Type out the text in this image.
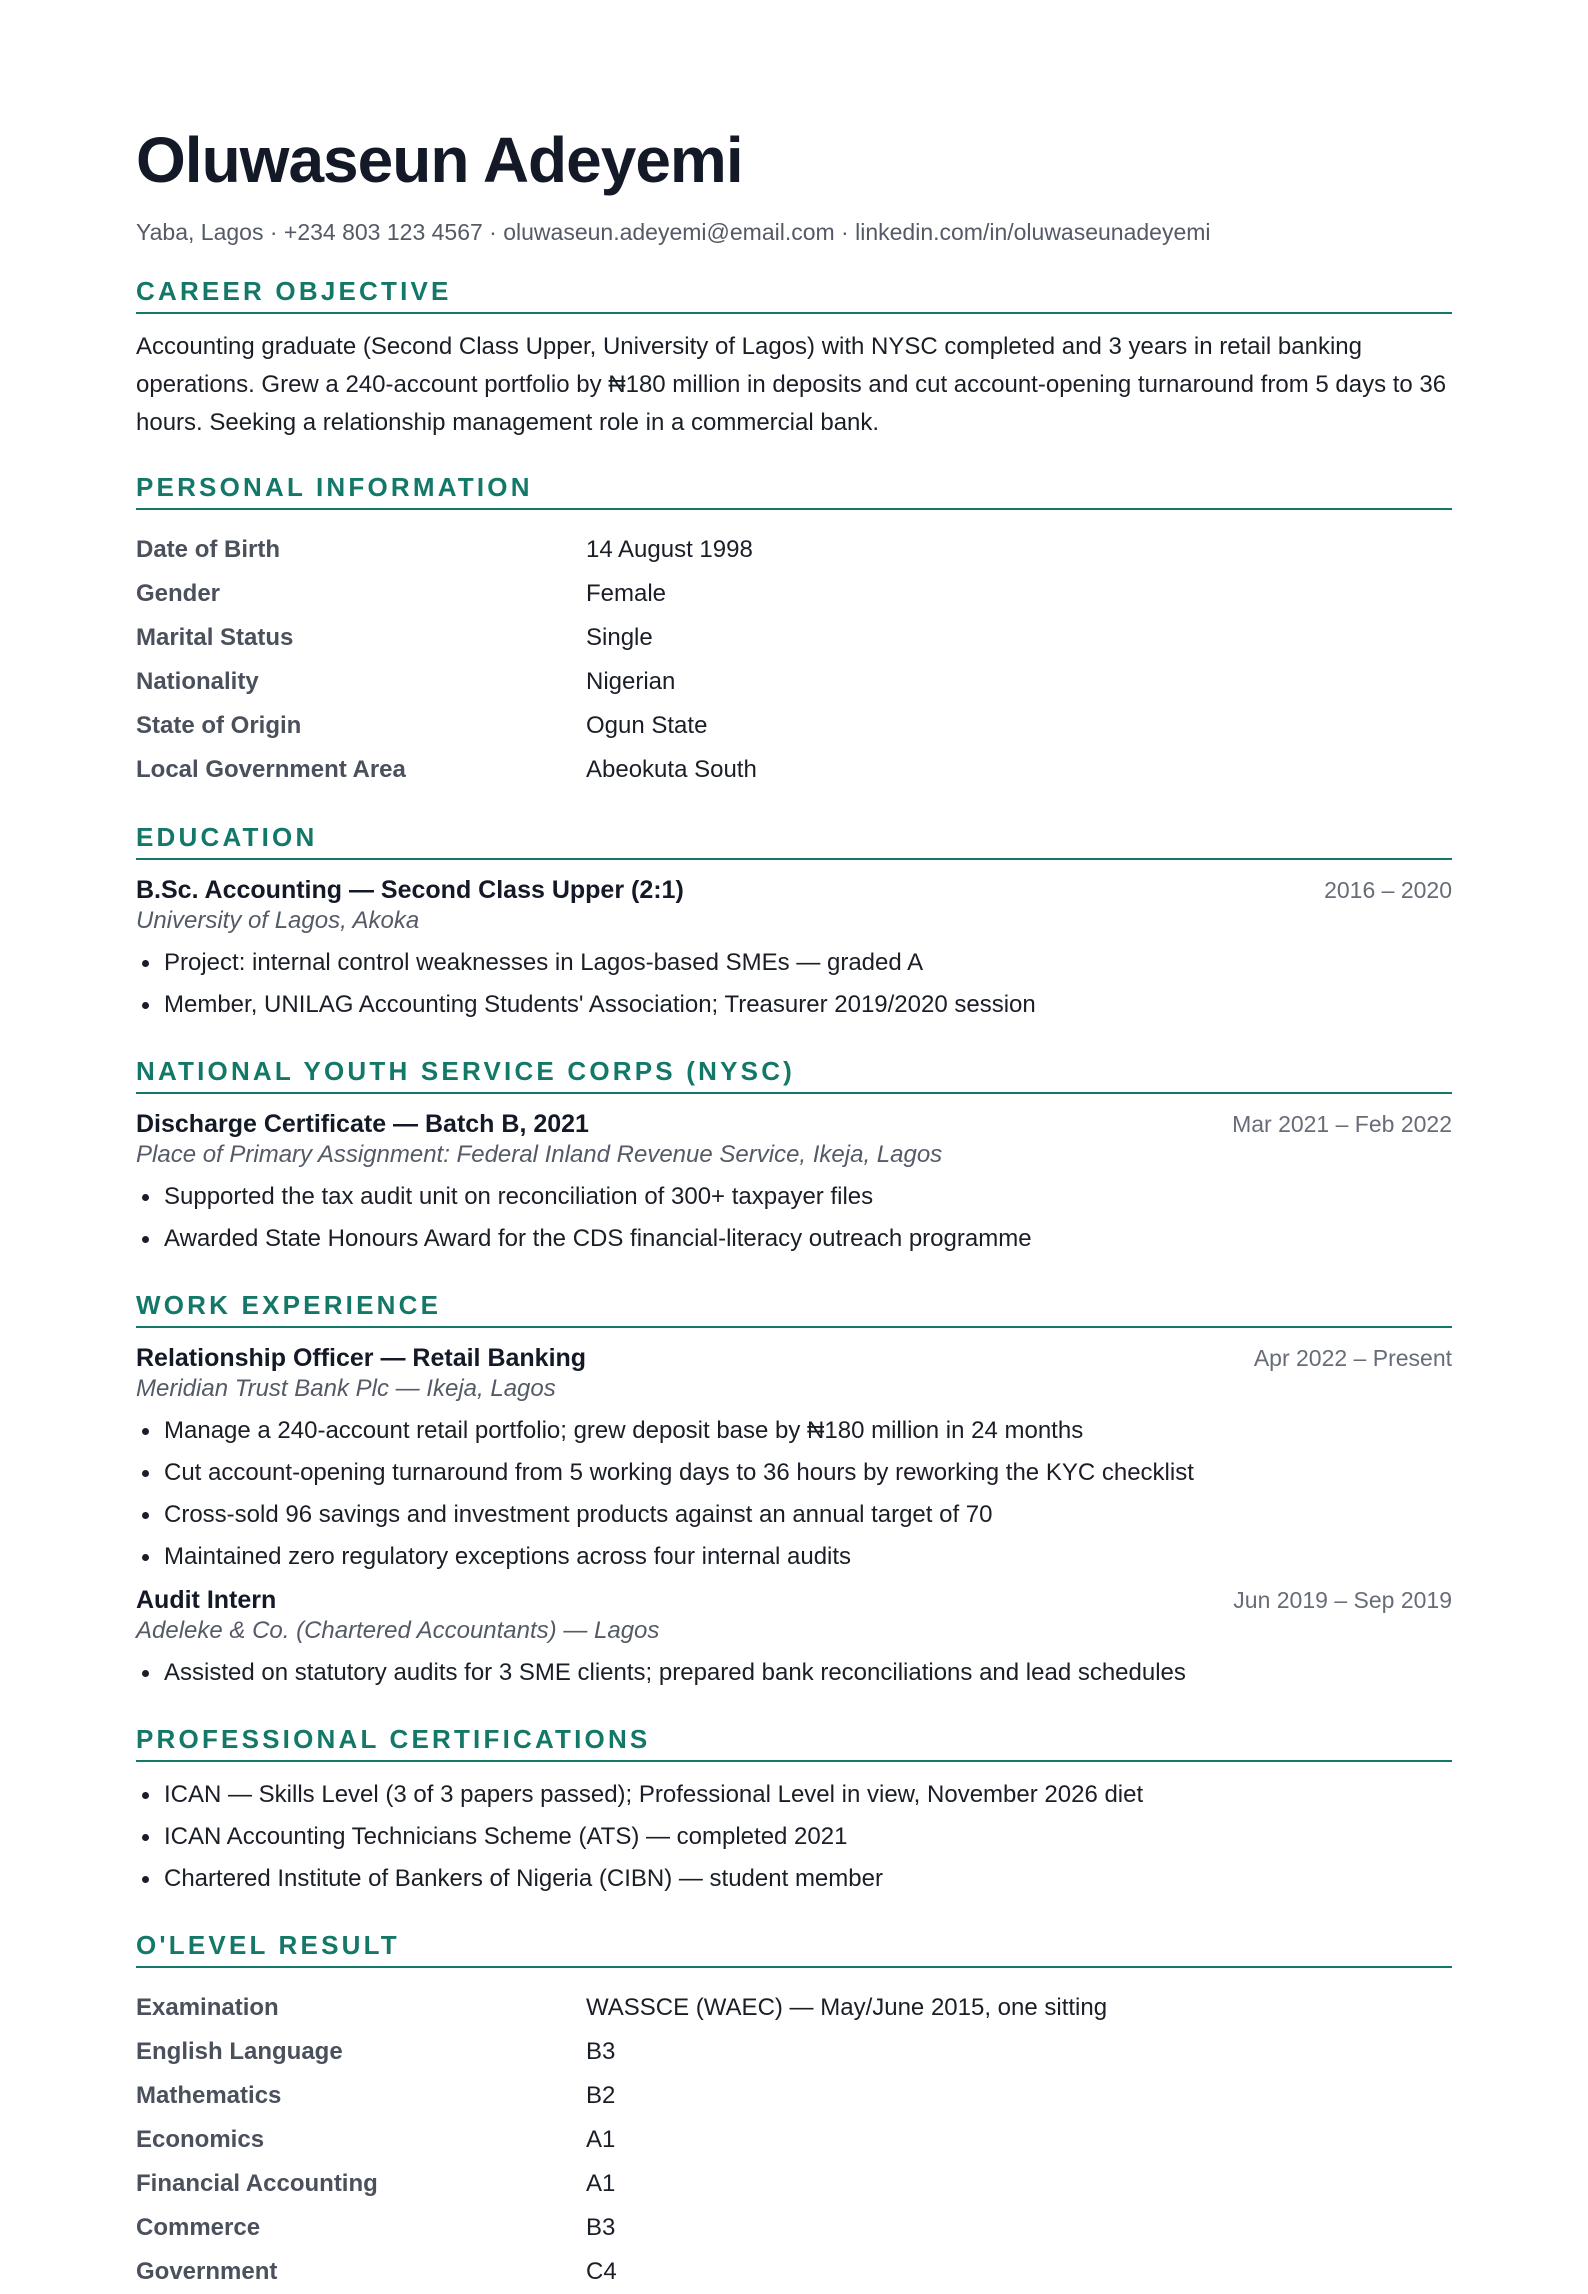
Oluwaseun Adeyemi
Yaba, Lagos · +234 803 123 4567 · oluwaseun.adeyemi@email.com · linkedin.com/in/oluwaseunadeyemi
CAREER OBJECTIVE
Accounting graduate (Second Class Upper, University of Lagos) with NYSC completed and 3 years in retail banking operations. Grew a 240-account portfolio by ₦180 million in deposits and cut account-opening turnaround from 5 days to 36 hours. Seeking a relationship management role in a commercial bank.
PERSONAL INFORMATION
Date of Birth	14 August 1998
Gender	Female
Marital Status	Single
Nationality	Nigerian
State of Origin	Ogun State
Local Government Area	Abeokuta South
EDUCATION
B.Sc. Accounting — Second Class Upper (2:1)	2016 – 2020
University of Lagos, Akoka
Project: internal control weaknesses in Lagos-based SMEs — graded A
Member, UNILAG Accounting Students' Association; Treasurer 2019/2020 session
NATIONAL YOUTH SERVICE CORPS (NYSC)
Discharge Certificate — Batch B, 2021	Mar 2021 – Feb 2022
Place of Primary Assignment: Federal Inland Revenue Service, Ikeja, Lagos
Supported the tax audit unit on reconciliation of 300+ taxpayer files
Awarded State Honours Award for the CDS financial-literacy outreach programme
WORK EXPERIENCE
Relationship Officer — Retail Banking	Apr 2022 – Present
Meridian Trust Bank Plc — Ikeja, Lagos
Manage a 240-account retail portfolio; grew deposit base by ₦180 million in 24 months
Cut account-opening turnaround from 5 working days to 36 hours by reworking the KYC checklist
Cross-sold 96 savings and investment products against an annual target of 70
Maintained zero regulatory exceptions across four internal audits
Audit Intern	Jun 2019 – Sep 2019
Adeleke & Co. (Chartered Accountants) — Lagos
Assisted on statutory audits for 3 SME clients; prepared bank reconciliations and lead schedules
PROFESSIONAL CERTIFICATIONS
ICAN — Skills Level (3 of 3 papers passed); Professional Level in view, November 2026 diet
ICAN Accounting Technicians Scheme (ATS) — completed 2021
Chartered Institute of Bankers of Nigeria (CIBN) — student member
O'LEVEL RESULT
Examination	WASSCE (WAEC) — May/June 2015, one sitting
English Language	B3
Mathematics	B2
Economics	A1
Financial Accounting	A1
Commerce	B3
Government	C4
